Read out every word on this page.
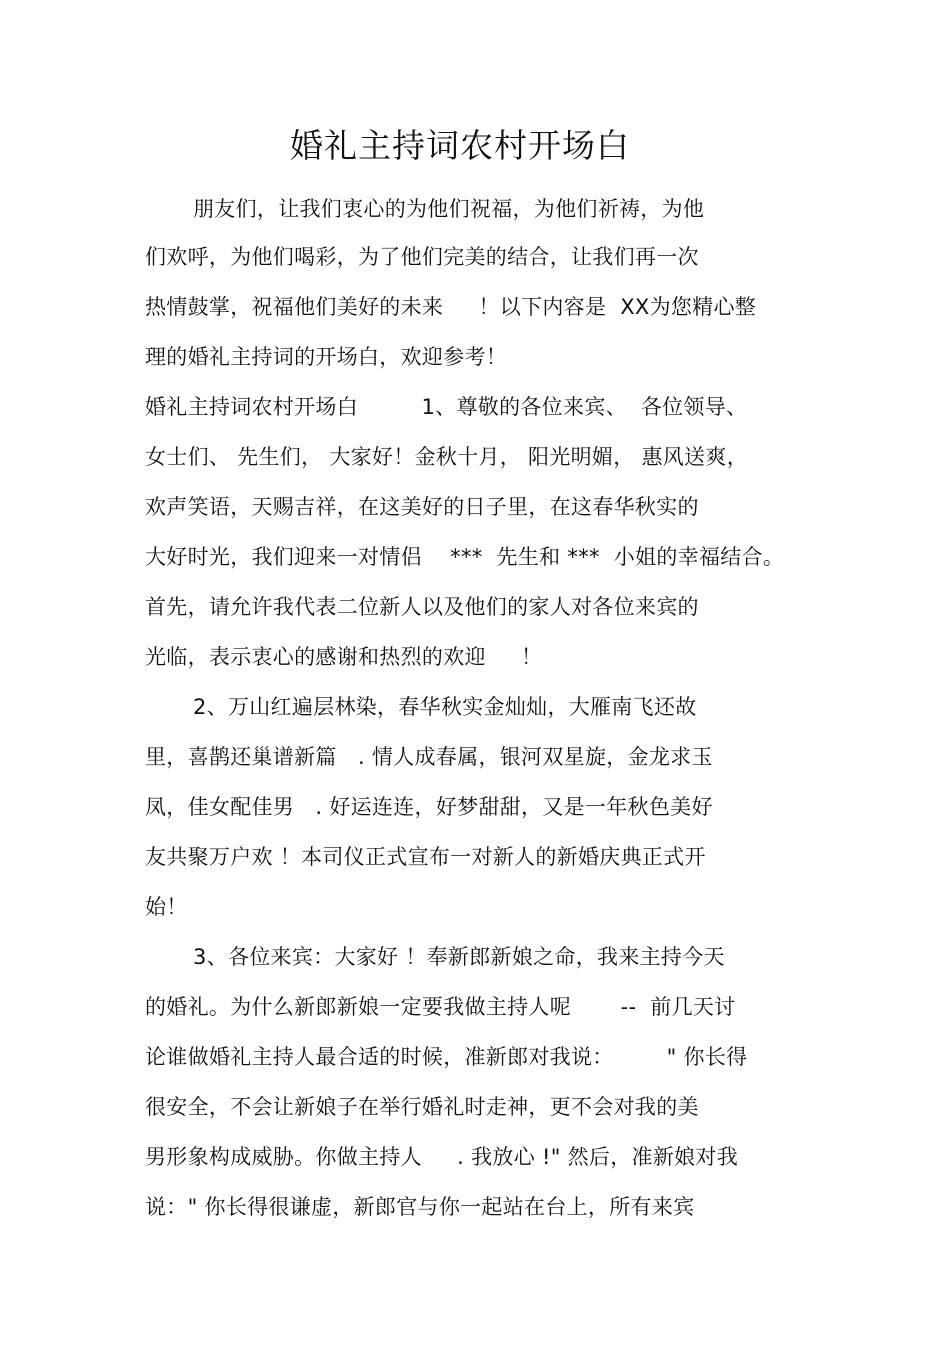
婚礼主持词农村开场白
朋友们，让我们衷心的为他们祝福，为他们祈祷，为他
们欢呼，为他们喝彩，为了他们完美的结合，让我们再一次
热情鼓掌，祝福他们美好的未来　  ！以下内容是  XX为您精心整
理的婚礼主持词的开场白，欢迎参考！
婚礼主持词农村开场白　　   1、尊敬的各位来宾、  各位领导、
女士们、 先生们， 大家好！金秋十月， 阳光明媚， 惠风送爽，
欢声笑语，天赐吉祥，在这美好的日子里，在这春华秋实的
大好时光，我们迎来一对情侣　 ***  先生和 ***  小姐的幸福结合。
首先，请允许我代表二位新人以及他们的家人对各位来宾的
光临，表示衷心的感谢和热烈的欢迎　  ！
2、万山红遍层林染，春华秋实金灿灿，大雁南飞还故
里，喜鹊还巢谱新篇　. 情人成春属，银河双星旋，金龙求玉
凤，佳女配佳男　. 好运连连，好梦甜甜，又是一年秋色美好
友共聚万户欢 ！本司仪正式宣布一对新人的新婚庆典正式开
始！
3、各位来宾：大家好 ！奉新郎新娘之命，我来主持今天
的婚礼。为什么新郎新娘一定要我做主持人呢　　 --  前几天讨
论谁做婚礼主持人最合适的时候，准新郎对我说：　　   " 你长得
很安全，不会让新娘子在举行婚礼时走神，更不会对我的美
男形象构成威胁。你做主持人　  . 我放心 !" 然后，准新娘对我
说：" 你长得很谦虚，新郎官与你一起站在台上，所有来宾
